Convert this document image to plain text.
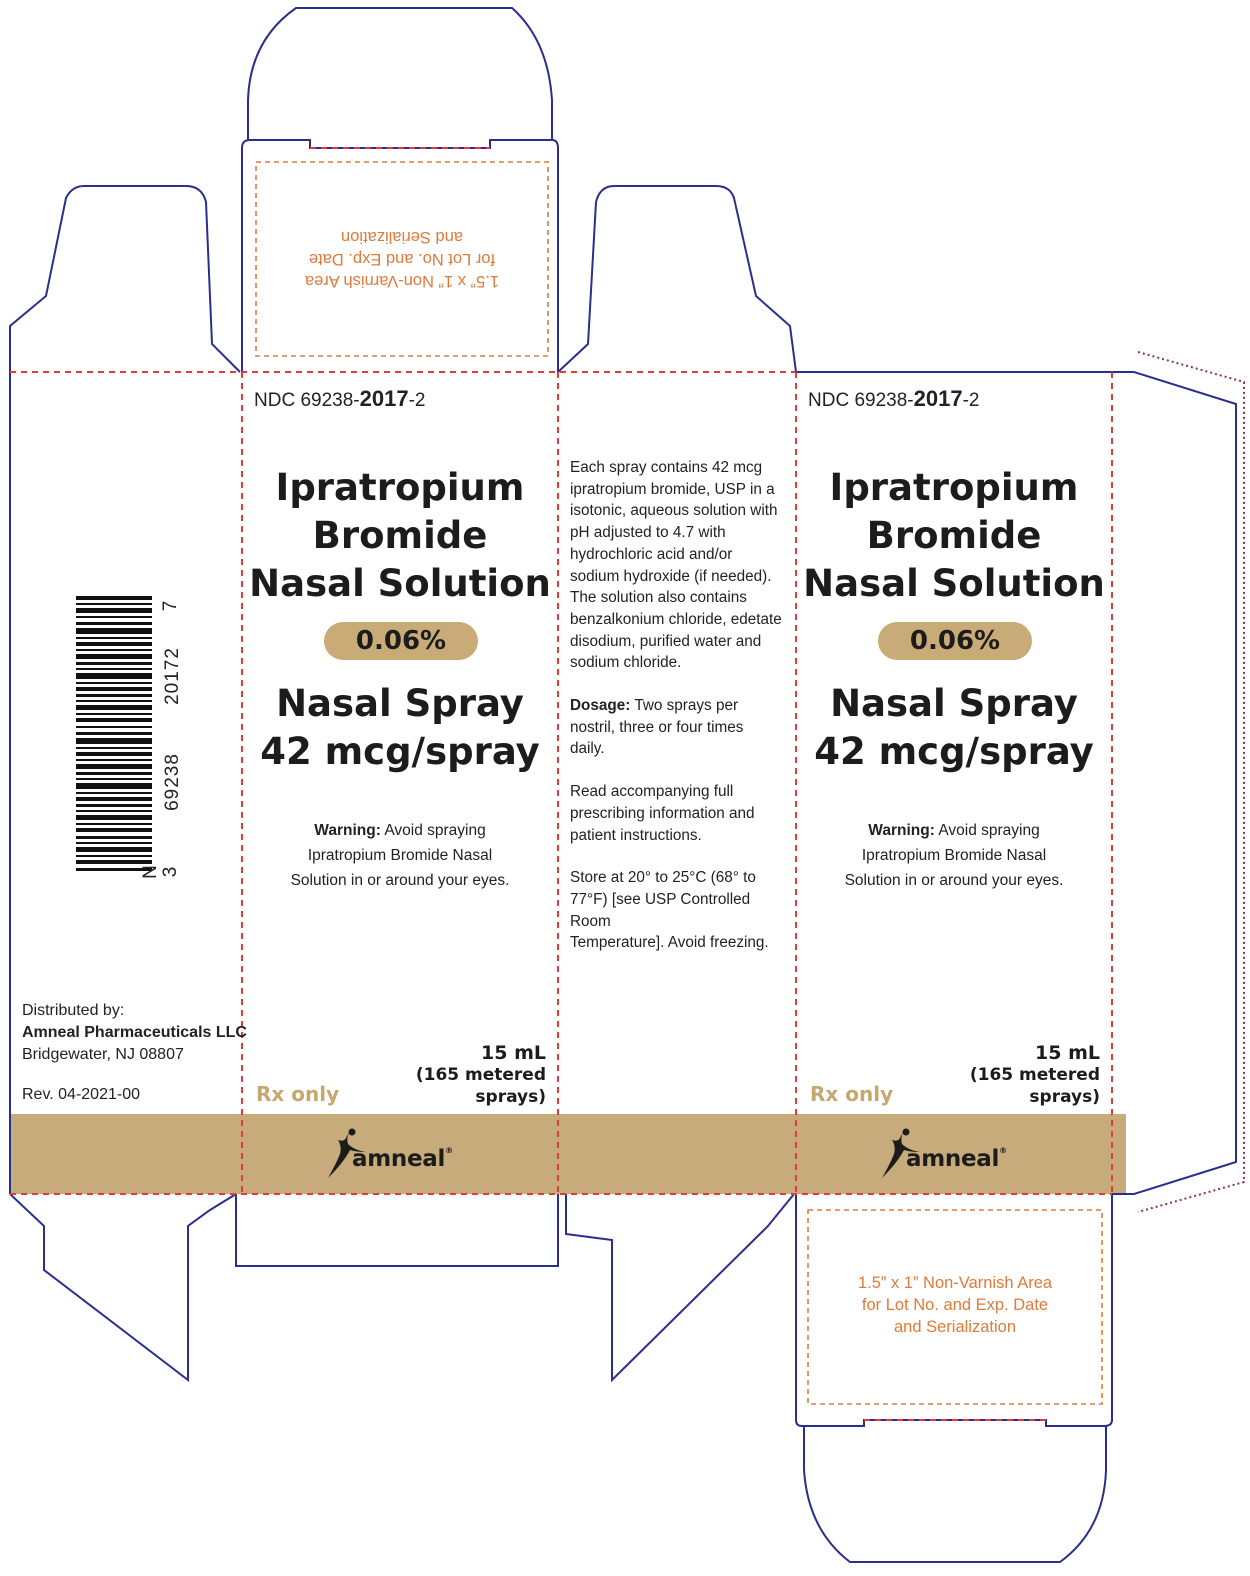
1.5” x 1” Non-Varnish Area
for Lot No. and Exp. Date
and Serialization
1.5” x 1” Non-Varnish Area
for Lot No. and Exp. Date
and Serialization
7
20172
69238
3
N
Distributed by:
Amneal Pharmaceuticals LLC
Bridgewater, NJ 08807
Rev. 04-2021-00
NDC 69238-2017-2
Ipratropium
Bromide
Nasal Solution
0.06%
Nasal Spray
42 mcg/spray
Warning: Avoid spraying
Ipratropium Bromide Nasal
Solution in or around your eyes.
15 mL
(165 metered
sprays)
Rx only
amneal®

Each spray contains 42 mcg
ipratropium bromide, USP in a
isotonic, aqueous solution with
pH adjusted to 4.7 with
hydrochloric acid and/or
sodium hydroxide (if needed).
The solution also contains
benzalkonium chloride, edetate
disodium, purified water and
sodium chloride.

Dosage: Two sprays per
nostril, three or four times
daily.

Read accompanying full
prescribing information and
patient instructions.

Store at 20° to 25°C (68° to
77°F) [see USP Controlled Room
Temperature]. Avoid freezing.

NDC 69238-2017-2
Ipratropium
Bromide
Nasal Solution
0.06%
Nasal Spray
42 mcg/spray
Warning: Avoid spraying
Ipratropium Bromide Nasal
Solution in or around your eyes.
15 mL
(165 metered
sprays)
Rx only
amneal®
